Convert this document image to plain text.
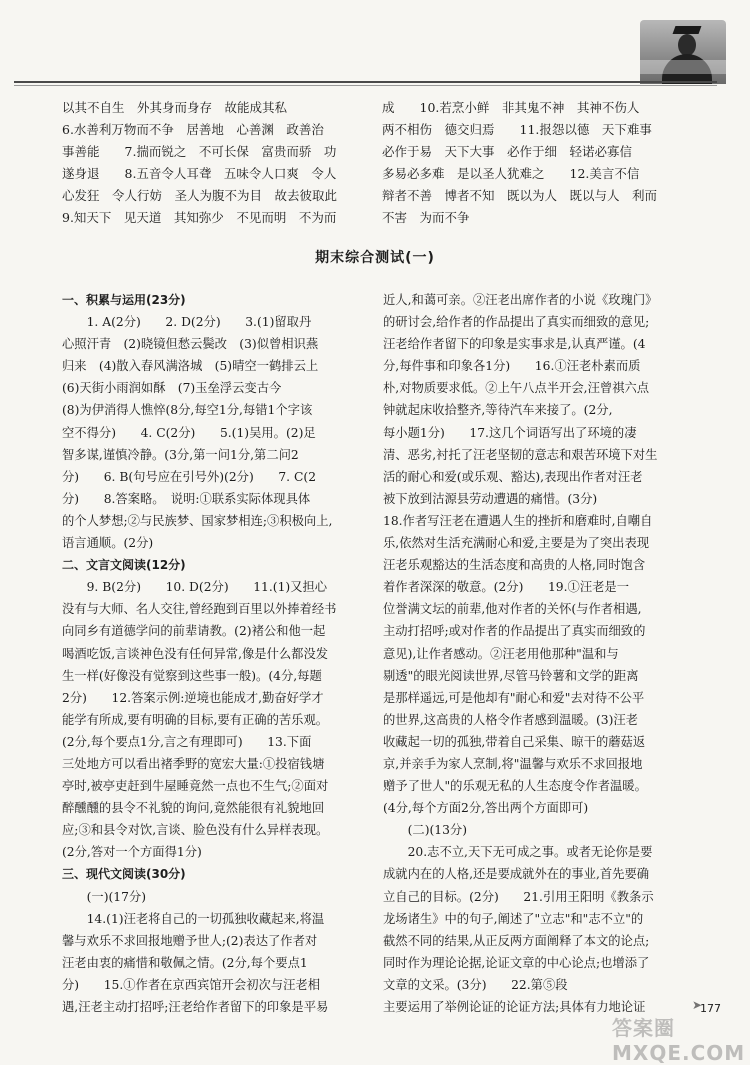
以其不自生　外其身而身存　故能成其私

6.水善利万物而不争　居善地　心善渊　政善治

事善能　　7.揣而锐之　不可长保　富贵而骄　功

遂身退　　8.五音令人耳聋　五味令人口爽　令人

心发狂　令人行妨　圣人为腹不为目　故去彼取此

9.知天下　见天道　其知弥少　不见而明　不为而

成　　10.若烹小鲜　非其鬼不神　其神不伤人

两不相伤　德交归焉　　11.报怨以德　天下难事

必作于易　天下大事　必作于细　轻诺必寡信

多易必多难　是以圣人犹难之　　12.美言不信

辩者不善　博者不知　既以为人　既以与人　利而

不害　为而不争

期末综合测试(一)

一、积累与运用(23分)

　　1. A(2分)　　2. D(2分)　　3.(1)留取丹

心照汗青　(2)晓镜但愁云鬓改　(3)似曾相识燕

归来　(4)散入春风满洛城　(5)晴空一鹤排云上

(6)天街小雨润如酥　(7)玉垒浮云变古今

(8)为伊消得人憔悴(8分,每空1分,每错1个字该

空不得分)　　4. C(2分)　　5.(1)吴用。(2)足

智多谋,谨慎冷静。(3分,第一问1分,第二问2

分)　　6. B(句号应在引号外)(2分)　　7. C(2

分)　　8.答案略。　说明:①联系实际体现具体

的个人梦想;②与民族梦、国家梦相连;③积极向上,

语言通顺。(2分)

二、文言文阅读(12分)

　　9. B(2分)　　10. D(2分)　　11.(1)又担心

没有与大师、名人交往,曾经跑到百里以外捧着经书

向同乡有道德学问的前辈请教。(2)褚公和他一起

喝酒吃饭,言谈神色没有任何异常,像是什么都没发

生一样(好像没有觉察到这些事一般)。(4分,每题

2分)　　12.答案示例:逆境也能成才,勤奋好学才

能学有所成,要有明确的目标,要有正确的苦乐观。

(2分,每个要点1分,言之有理即可)　　13.下面

三处地方可以看出褚季野的宽宏大量:①投宿钱塘

亭时,被亭吏赶到牛屋睡竟然一点也不生气;②面对

醉醺醺的县令不礼貌的询问,竟然能很有礼貌地回

应;③和县令对饮,言谈、脸色没有什么异样表现。

(2分,答对一个方面得1分)

三、现代文阅读(30分)

　　(一)(17分)

　　14.(1)汪老将自己的一切孤独收藏起来,将温

馨与欢乐不求回报地赠予世人;(2)表达了作者对

汪老由衷的痛惜和敬佩之情。(2分,每个要点1

分)　　15.①作者在京西宾馆开会初次与汪老相

遇,汪老主动打招呼;汪老给作者留下的印象是平易

近人,和蔼可亲。②汪老出席作者的小说《玫瑰门》

的研讨会,给作者的作品提出了真实而细致的意见;

汪老给作者留下的印象是实事求是,认真严谨。(4

分,每件事和印象各1分)　　16.①汪老朴素而质

朴,对物质要求低。②上午八点半开会,汪曾祺六点

钟就起床收拾整齐,等待汽车来接了。(2分,

每小题1分)　　17.这几个词语写出了环境的凄

清、恶劣,衬托了汪老坚韧的意志和艰苦环境下对生

活的耐心和爱(或乐观、豁达),表现出作者对汪老

被下放到沽源县劳动遭遇的痛惜。(3分)

18.作者写汪老在遭遇人生的挫折和磨难时,自嘲自

乐,依然对生活充满耐心和爱,主要是为了突出表现

汪老乐观豁达的生活态度和高贵的人格,同时饱含

着作者深深的敬意。(2分)　　19.①汪老是一

位誉满文坛的前辈,他对作者的关怀(与作者相遇,

主动打招呼;或对作者的作品提出了真实而细致的

意见),让作者感动。②汪老用他那种"温和与

剔透"的眼光阅读世界,尽管马铃薯和文学的距离

是那样遥远,可是他却有"耐心和爱"去对待不公平

的世界,这高贵的人格令作者感到温暖。(3)汪老

收藏起一切的孤独,带着自己采集、晾干的蘑菇返

京,并亲手为家人烹制,将"温馨与欢乐不求回报地

赠予了世人"的乐观无私的人生态度令作者温暖。

(4分,每个方面2分,答出两个方面即可)

　　(二)(13分)

　　20.志不立,天下无可成之事。或者无论你是要

成就内在的人格,还是要成就外在的事业,首先要确

立自己的目标。(2分)　　21.引用王阳明《教条示

龙场诸生》中的句子,阐述了"立志"和"志不立"的

截然不同的结果,从正反两方面阐释了本文的论点;

同时作为理论论据,论证文章的中心论点;也增添了

文章的文采。(3分)　　22.第⑤段

主要运用了举例论证的论证方法;具体有力地论证	177
➤
答案圈 MXQE.COM
